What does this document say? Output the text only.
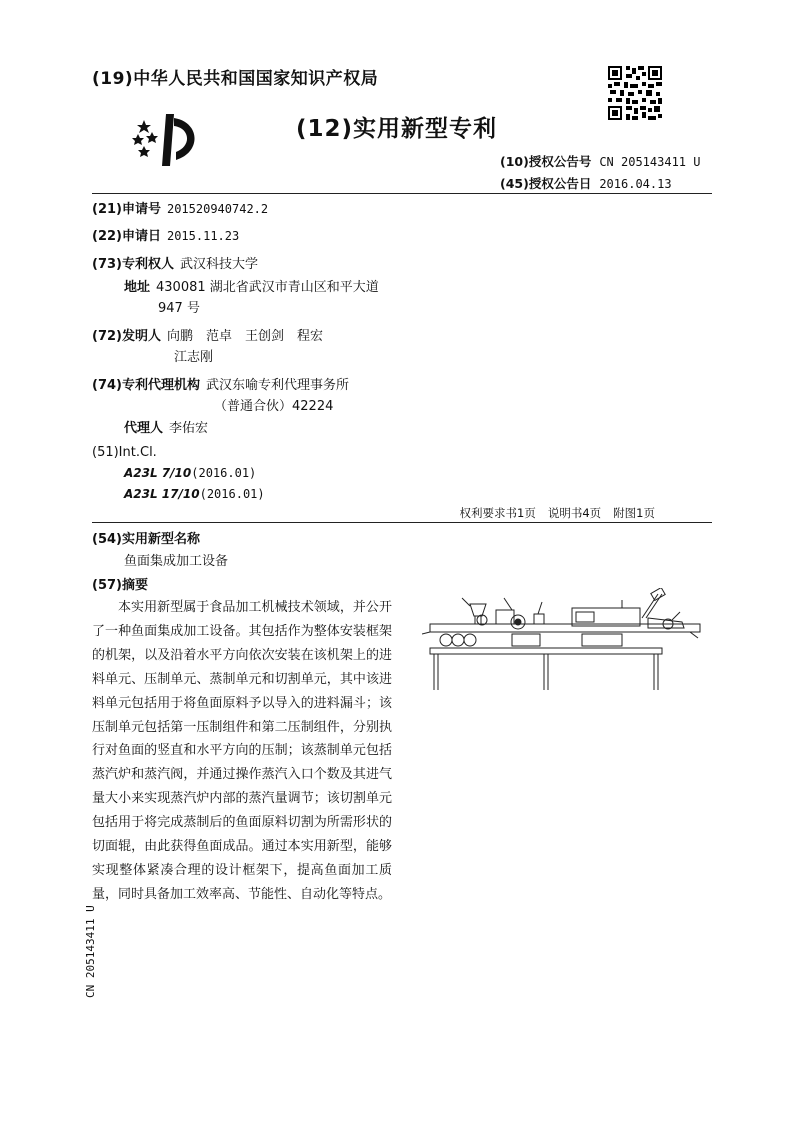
(19)中华人民共和国国家知识产权局
(12)实用新型专利
(10)授权公告号 CN 205143411 U
(45)授权公告日 2016.04.13
(21)申请号 201520940742.2
(22)申请日 2015.11.23
(73)专利权人 武汉科技大学
地址 430081 湖北省武汉市青山区和平大道
947 号
(72)发明人 向鹏　范卓　王创剑　程宏
江志刚
(74)专利代理机构 武汉东喻专利代理事务所
（普通合伙）42224
代理人 李佑宏
(51)Int.Cl.
A23L 7/10(2016.01)
A23L 17/10(2016.01)
权利要求书1页 说明书4页 附图1页
(54)实用新型名称
鱼面集成加工设备
(57)摘要
本实用新型属于食品加工机械技术领域，并公开了一种鱼面集成加工设备。其包括作为整体安装框架的机架，以及沿着水平方向依次安装在该机架上的进料单元、压制单元、蒸制单元和切割单元，其中该进料单元包括用于将鱼面原料予以导入的进料漏斗；该压制单元包括第一压制组件和第二压制组件，分别执行对鱼面的竖直和水平方向的压制；该蒸制单元包括蒸汽炉和蒸汽阀，并通过操作蒸汽入口个数及其进气量大小来实现蒸汽炉内部的蒸汽量调节；该切割单元包括用于将完成蒸制后的鱼面原料切割为所需形状的切面辊，由此获得鱼面成品。通过本实用新型，能够实现整体紧凑合理的设计框架下，提高鱼面加工质量，同时具备加工效率高、节能性、自动化等特点。
CN 205143411 U
